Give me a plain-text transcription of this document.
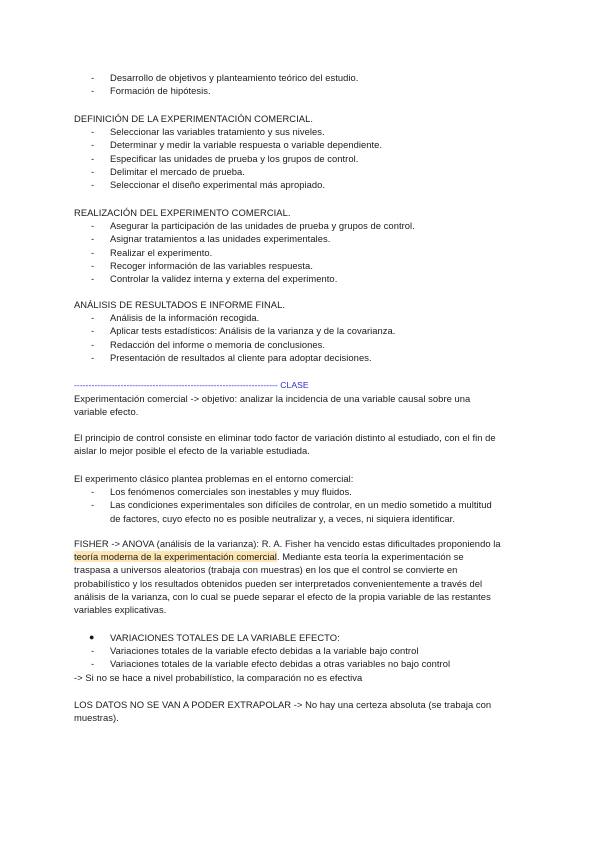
- Desarrollo de objetivos y planteamiento teórico del estudio.
- Formación de hipótesis.
DEFINICIÓN DE LA EXPERIMENTACIÓN COMERCIAL.
- Seleccionar las variables tratamiento y sus niveles.
- Determinar y medir la variable respuesta o variable dependiente.
- Especificar las unidades de prueba y los grupos de control.
- Delimitar el mercado de prueba.
- Seleccionar el diseño experimental más apropiado.
REALIZACIÓN DEL EXPERIMENTO COMERCIAL.
- Asegurar la participación de las unidades de prueba y grupos de control.
- Asignar tratamientos a las unidades experimentales.
- Realizar el experimento.
- Recoger información de las variables respuesta.
- Controlar la validez interna y externa del experimento.
ANÁLISIS DE RESULTADOS E INFORME FINAL.
- Análisis de la información recogida.
- Aplicar tests estadísticos: Análisis de la varianza y de la covarianza.
- Redacción del informe o memoria de conclusiones.
- Presentación de resultados al cliente para adoptar decisiones.
---------------------------------------------------------------------- CLASE
Experimentación comercial -> objetivo: analizar la incidencia de una variable causal sobre una
variable efecto.
El principio de control consiste en eliminar todo factor de variación distinto al estudiado, con el fin de
aislar lo mejor posible el efecto de la variable estudiada.
El experimento clásico plantea problemas en el entorno comercial:
- Los fenómenos comerciales son inestables y muy fluidos.
- Las condiciones experimentales son difíciles de controlar, en un medio sometido a multitud
de factores, cuyo efecto no es posible neutralizar y, a veces, ni siquiera identificar.
FISHER -> ANOVA (análisis de la varianza): R. A. Fisher ha vencido estas dificultades proponiendo la
teoría moderna de la experimentación comercial. Mediante esta teoría la experimentación se
traspasa a universos aleatorios (trabaja con muestras) en los que el control se convierte en
probabilístico y los resultados obtenidos pueden ser interpretados convenientemente a través del
análisis de la varianza, con lo cual se puede separar el efecto de la propia variable de las restantes
variables explicativas.
● VARIACIONES TOTALES DE LA VARIABLE EFECTO:
- Variaciones totales de la variable efecto debidas a la variable bajo control
- Variaciones totales de la variable efecto debidas a otras variables no bajo control
-> Si no se hace a nivel probabilístico, la comparación no es efectiva
LOS DATOS NO SE VAN A PODER EXTRAPOLAR -> No hay una certeza absoluta (se trabaja con
muestras).
